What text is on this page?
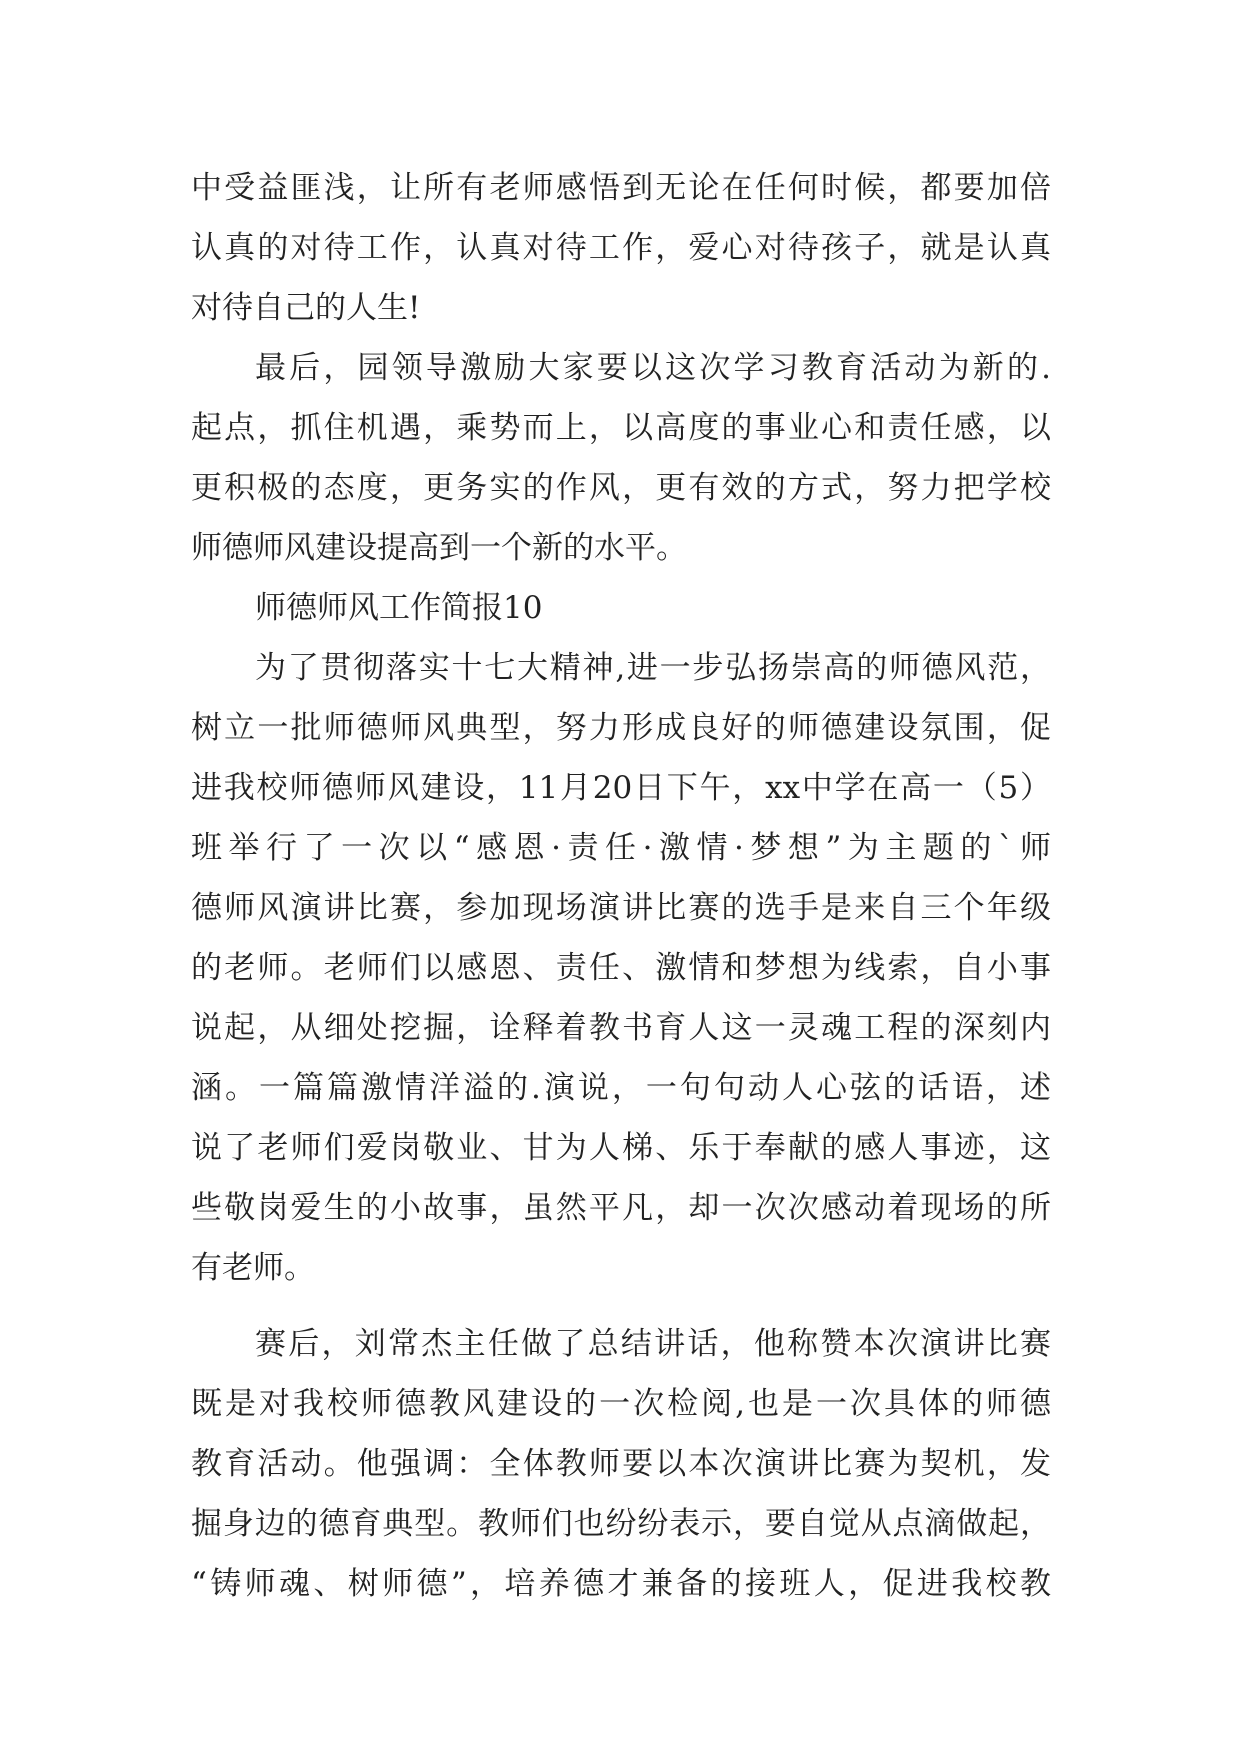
中受益匪浅，让所有老师感悟到无论在任何时候，都要加倍
认真的对待工作，认真对待工作，爱心对待孩子，就是认真
对待自己的人生!
最后，园领导激励大家要以这次学习教育活动为新的.
起点，抓住机遇，乘势而上，以高度的事业心和责任感，以
更积极的态度，更务实的作风，更有效的方式，努力把学校
师德师风建设提高到一个新的水平。
师德师风工作简报10
为了贯彻落实十七大精神,进一步弘扬崇高的师德风范，
树立一批师德师风典型，努力形成良好的师德建设氛围，促
进我校师德师风建设，11月20日下午，xx中学在高一（5）
班举行了一次以“感恩·责任·激情·梦想”为主题的`师
德师风演讲比赛，参加现场演讲比赛的选手是来自三个年级
的老师。老师们以感恩、责任、激情和梦想为线索，自小事
说起，从细处挖掘，诠释着教书育人这一灵魂工程的深刻内
涵。一篇篇激情洋溢的.演说，一句句动人心弦的话语，述
说了老师们爱岗敬业、甘为人梯、乐于奉献的感人事迹，这
些敬岗爱生的小故事，虽然平凡，却一次次感动着现场的所
有老师。
赛后，刘常杰主任做了总结讲话，他称赞本次演讲比赛
既是对我校师德教风建设的一次检阅,也是一次具体的师德
教育活动。他强调：全体教师要以本次演讲比赛为契机，发
掘身边的德育典型。教师们也纷纷表示，要自觉从点滴做起，
“铸师魂、树师德”，培养德才兼备的接班人，促进我校教
